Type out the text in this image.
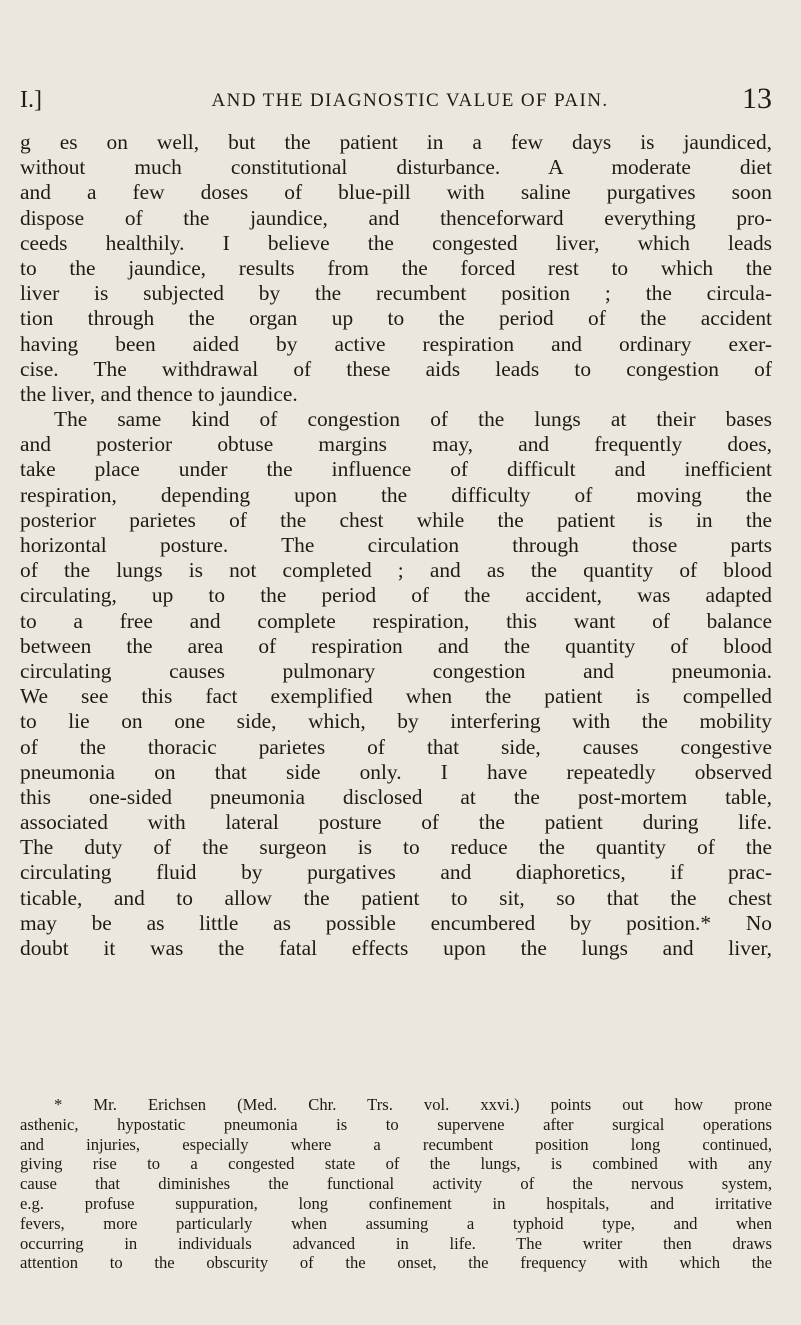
I.]	AND THE DIAGNOSTIC VALUE OF PAIN.	13
g es on well, but the patient in a few days is jaundiced,
without much constitutional disturbance. A moderate diet
and a few doses of blue-pill with saline purgatives soon
dispose of the jaundice, and thenceforward everything pro-
ceeds healthily. I believe the congested liver, which leads
to the jaundice, results from the forced rest to which the
liver is subjected by the recumbent position ; the circula-
tion through the organ up to the period of the accident
having been aided by active respiration and ordinary exer-
cise. The withdrawal of these aids leads to congestion of
the liver, and thence to jaundice.
The same kind of congestion of the lungs at their bases
and posterior obtuse margins may, and frequently does,
take place under the influence of difficult and inefficient
respiration, depending upon the difficulty of moving the
posterior parietes of the chest while the patient is in the
horizontal posture. The circulation through those parts
of the lungs is not completed ; and as the quantity of blood
circulating, up to the period of the accident, was adapted
to a free and complete respiration, this want of balance
between the area of respiration and the quantity of blood
circulating causes pulmonary congestion and pneumonia.
We see this fact exemplified when the patient is compelled
to lie on one side, which, by interfering with the mobility
of the thoracic parietes of that side, causes congestive
pneumonia on that side only. I have repeatedly observed
this one-sided pneumonia disclosed at the post-mortem table,
associated with lateral posture of the patient during life.
The duty of the surgeon is to reduce the quantity of the
circulating fluid by purgatives and diaphoretics, if prac-
ticable, and to allow the patient to sit, so that the chest
may be as little as possible encumbered by position.* No
doubt it was the fatal effects upon the lungs and liver,
* Mr. Erichsen (Med. Chr. Trs. vol. xxvi.) points out how prone
asthenic, hypostatic pneumonia is to supervene after surgical operations
and injuries, especially where a recumbent position long continued,
giving rise to a congested state of the lungs, is combined with any
cause that diminishes the functional activity of the nervous system,
e.g. profuse suppuration, long confinement in hospitals, and irritative
fevers, more particularly when assuming a typhoid type, and when
occurring in individuals advanced in life. The writer then draws
attention to the obscurity of the onset, the frequency with which the
